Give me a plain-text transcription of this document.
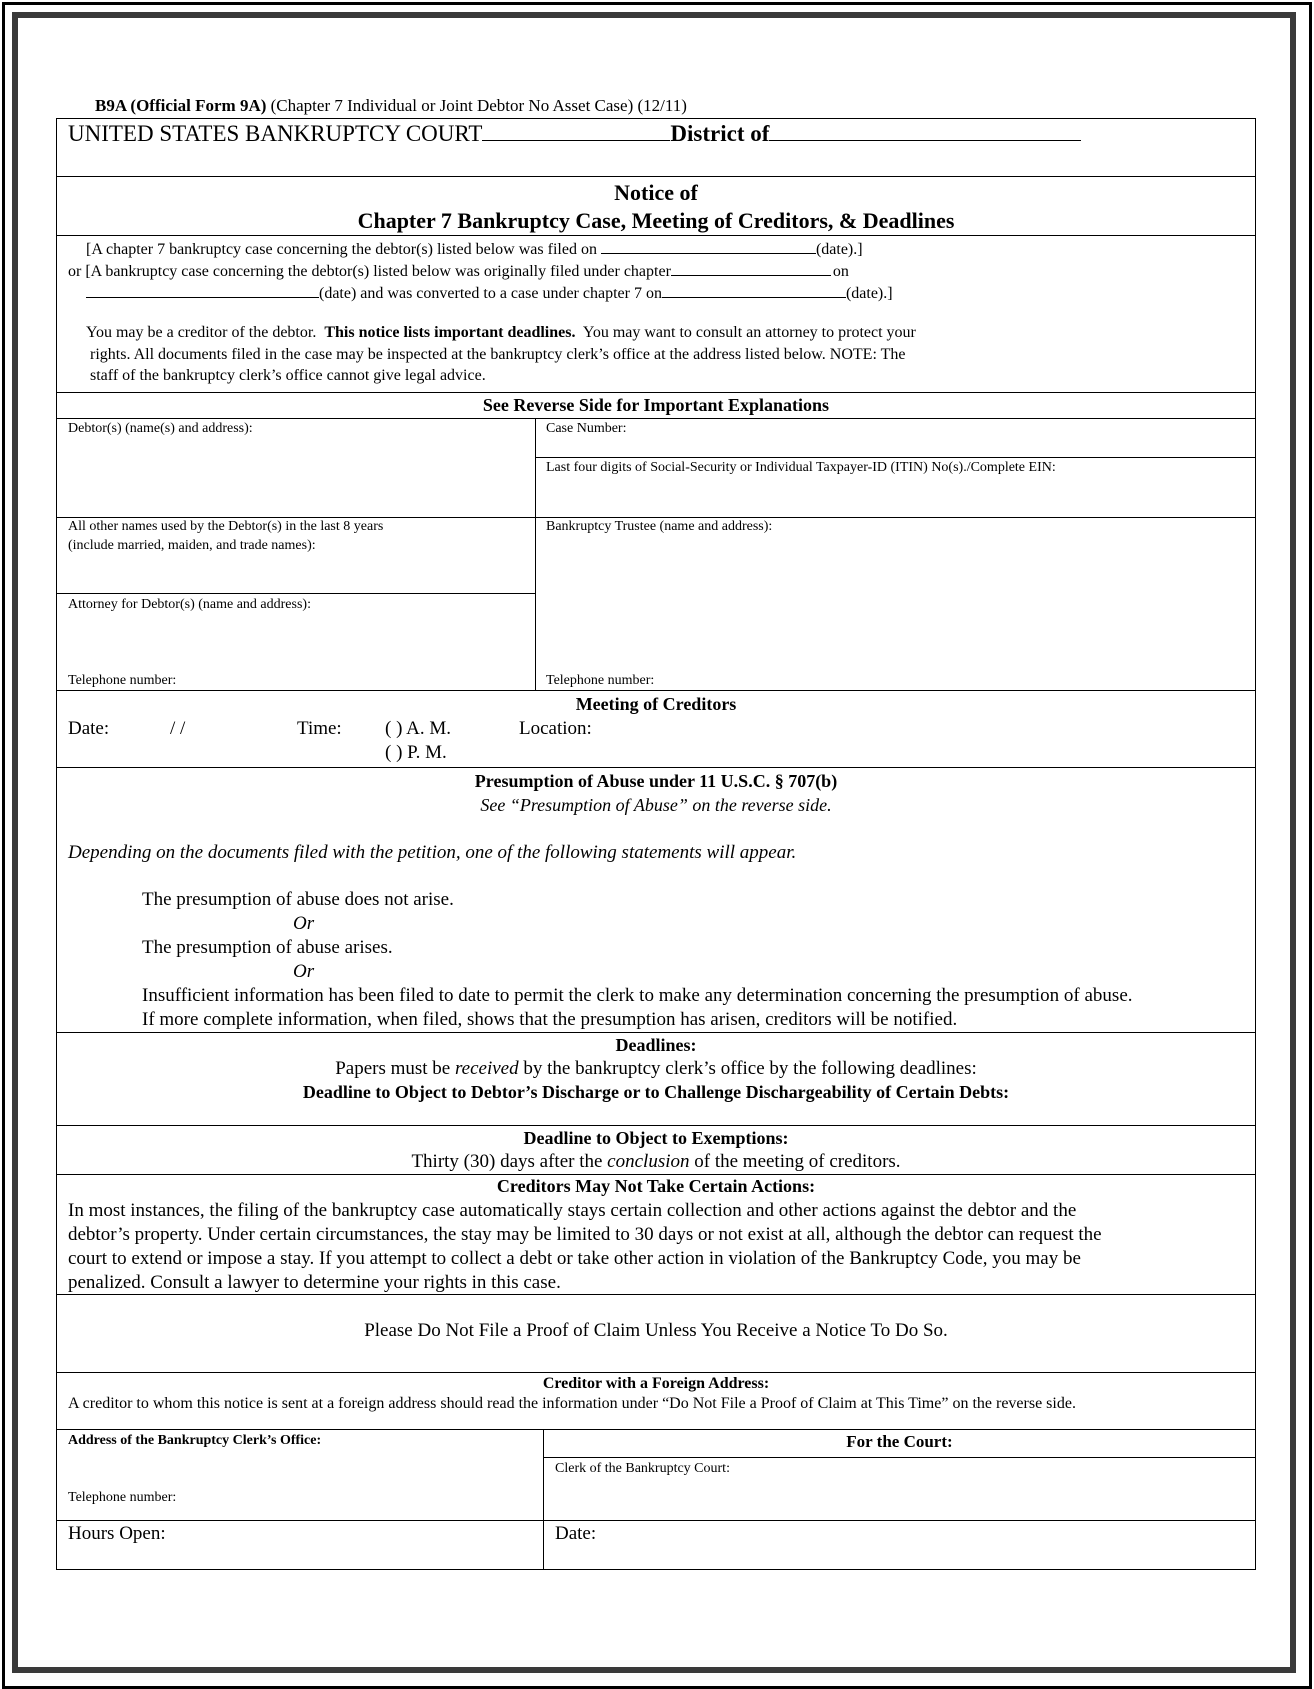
B9A (Official Form 9A) (Chapter 7 Individual or Joint Debtor No Asset Case) (12/11)
UNITED STATES BANKRUPTCY COURT	District of
Notice of
Chapter 7 Bankruptcy Case, Meeting of Creditors, & Deadlines
[A chapter 7 bankruptcy case concerning the debtor(s) listed below was filed on	(date).]
or [A bankruptcy case concerning the debtor(s) listed below was originally filed under chapter	on
(date) and was converted to a case under chapter 7 on	(date).]
You may be a creditor of the debtor. This notice lists important deadlines. You may want to consult an attorney to protect your
rights. All documents filed in the case may be inspected at the bankruptcy clerk’s office at the address listed below. NOTE: The
staff of the bankruptcy clerk’s office cannot give legal advice.
See Reverse Side for Important Explanations
Debtor(s) (name(s) and address):	Case Number:
Last four digits of Social-Security or Individual Taxpayer-ID (ITIN) No(s)./Complete EIN:
All other names used by the Debtor(s) in the last 8 years
(include married, maiden, and trade names):
Bankruptcy Trustee (name and address):
Attorney for Debtor(s) (name and address):
Telephone number:	Telephone number:
Meeting of Creditors
Date:	/ /	Time: ( ) A. M.
( ) P. M.
Location:
Presumption of Abuse under 11 U.S.C. § 707(b)
See “Presumption of Abuse” on the reverse side.
Depending on the documents filed with the petition, one of the following statements will appear.
The presumption of abuse does not arise.
Or
The presumption of abuse arises.
Or
Insufficient information has been filed to date to permit the clerk to make any determination concerning the presumption of abuse.
If more complete information, when filed, shows that the presumption has arisen, creditors will be notified.
Deadlines:
Papers must be received by the bankruptcy clerk’s office by the following deadlines:
Deadline to Object to Debtor’s Discharge or to Challenge Dischargeability of Certain Debts:
Deadline to Object to Exemptions:
Thirty (30) days after the conclusion of the meeting of creditors.
Creditors May Not Take Certain Actions:
In most instances, the filing of the bankruptcy case automatically stays certain collection and other actions against the debtor and the
debtor’s property. Under certain circumstances, the stay may be limited to 30 days or not exist at all, although the debtor can request the
court to extend or impose a stay. If you attempt to collect a debt or take other action in violation of the Bankruptcy Code, you may be
penalized. Consult a lawyer to determine your rights in this case.
Please Do Not File a Proof of Claim Unless You Receive a Notice To Do So.
Creditor with a Foreign Address:
A creditor to whom this notice is sent at a foreign address should read the information under “Do Not File a Proof of Claim at This Time” on the reverse side.
Address of the Bankruptcy Clerk’s Office:	For the Court:
Clerk of the Bankruptcy Court:
Telephone number:
Hours Open:	Date:
